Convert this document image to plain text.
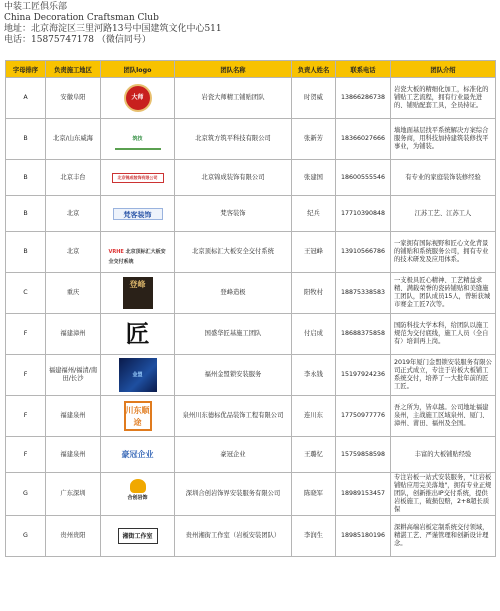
中装工匠俱乐部
China Decoration Craftsman Club
地址：北京海淀区三里河路13号中国建筑文化中心511
电话：15875747178 （微信同号）
字母排序	负责施工地区	团队logo	团队名称	负责人姓名	联系电话	团队介绍
A	安徽阜阳	大师	岩瓷大师精工铺贴团队	时贺威	13866286738	岩瓷大板的精细化加工，标准化的铺贴工艺流程，拥有行业最先进的、铺贴配套工具，全员持证。
B	北京/山东威海	筑技	北京筑方筑平科技有限公司	张新芳	18366027666	墙地面基层找平系统解决方案综合服务商，用科技加持建筑装修找平事业，为铺装。
B	北京丰台	北京锦成装饰有限公司	北京锦成装饰有限公司	张建国	18600555546	有专业的家庭装饰装修经验
B	北京	梵客装饰	梵客装饰	纪兵	17710390848	江苏工艺、江苏工人
B	北京	VRHE 北京顶标汇大板安全交付系统	北京顶标汇大板安全交付系统	王冠峰	13910566786	一家拥有国际视野和匠心文化背景的铺贴和系统服务公司，拥有专业的技术研发及应用体系。
C	重庆	登峰	登峰造极	阳牧村	18875338583	一支极具匠心精神、工艺精益求精、满载荣誉的瓷砖铺贴和美缝施工团队，团队成员15人，曾斩获城市赛金工匠7次等。
F	福建漳州	匠	国盛华匠基施工团队	付启成	18688375858	国防科技大学本科，给团队以施工规范为交付底线，施工人员（全自有）培训再上岗。
F	福建福州/福清/南田/长沙	金盟	福州金盟锁安装服务	李永钱	15197924236	2019年厦门金盟锁安装服务有限公司正式成立，专注于岩板大板铺工系统交付，培养了一大批年前的匠工匠。
F	福建泉州	川东顺途	泉州川东德标优品装饰工程有限公司	连川东	17750977776	吾之所为，皆卓越。公司地址福建泉州，主战施工区域泉州、厦门、漳州、莆田、福州及全国。
F	福建泉州	豪冠企业	豪冠企业	王璐忆	15759858598	丰富的大板铺贴经验
G	广东深圳	合创岩饰	深圳合创岩饰界安装服务有限公司	陈晓军	18989153457	专注岩板一站式安装服务，"让岩板铺贴应用完美落地"，拥有专业正规团队，创新推出IP交付系统，提供岩板施工，破损包赔，2+8超长质保
G	贵州贵阳	湘街工作室	贵州湘街工作室（岩板安装团队）	李润生	18985180196	深耕高端岩板定制系统交付领域，精湛工艺、严谨管理和创新设计理念。
